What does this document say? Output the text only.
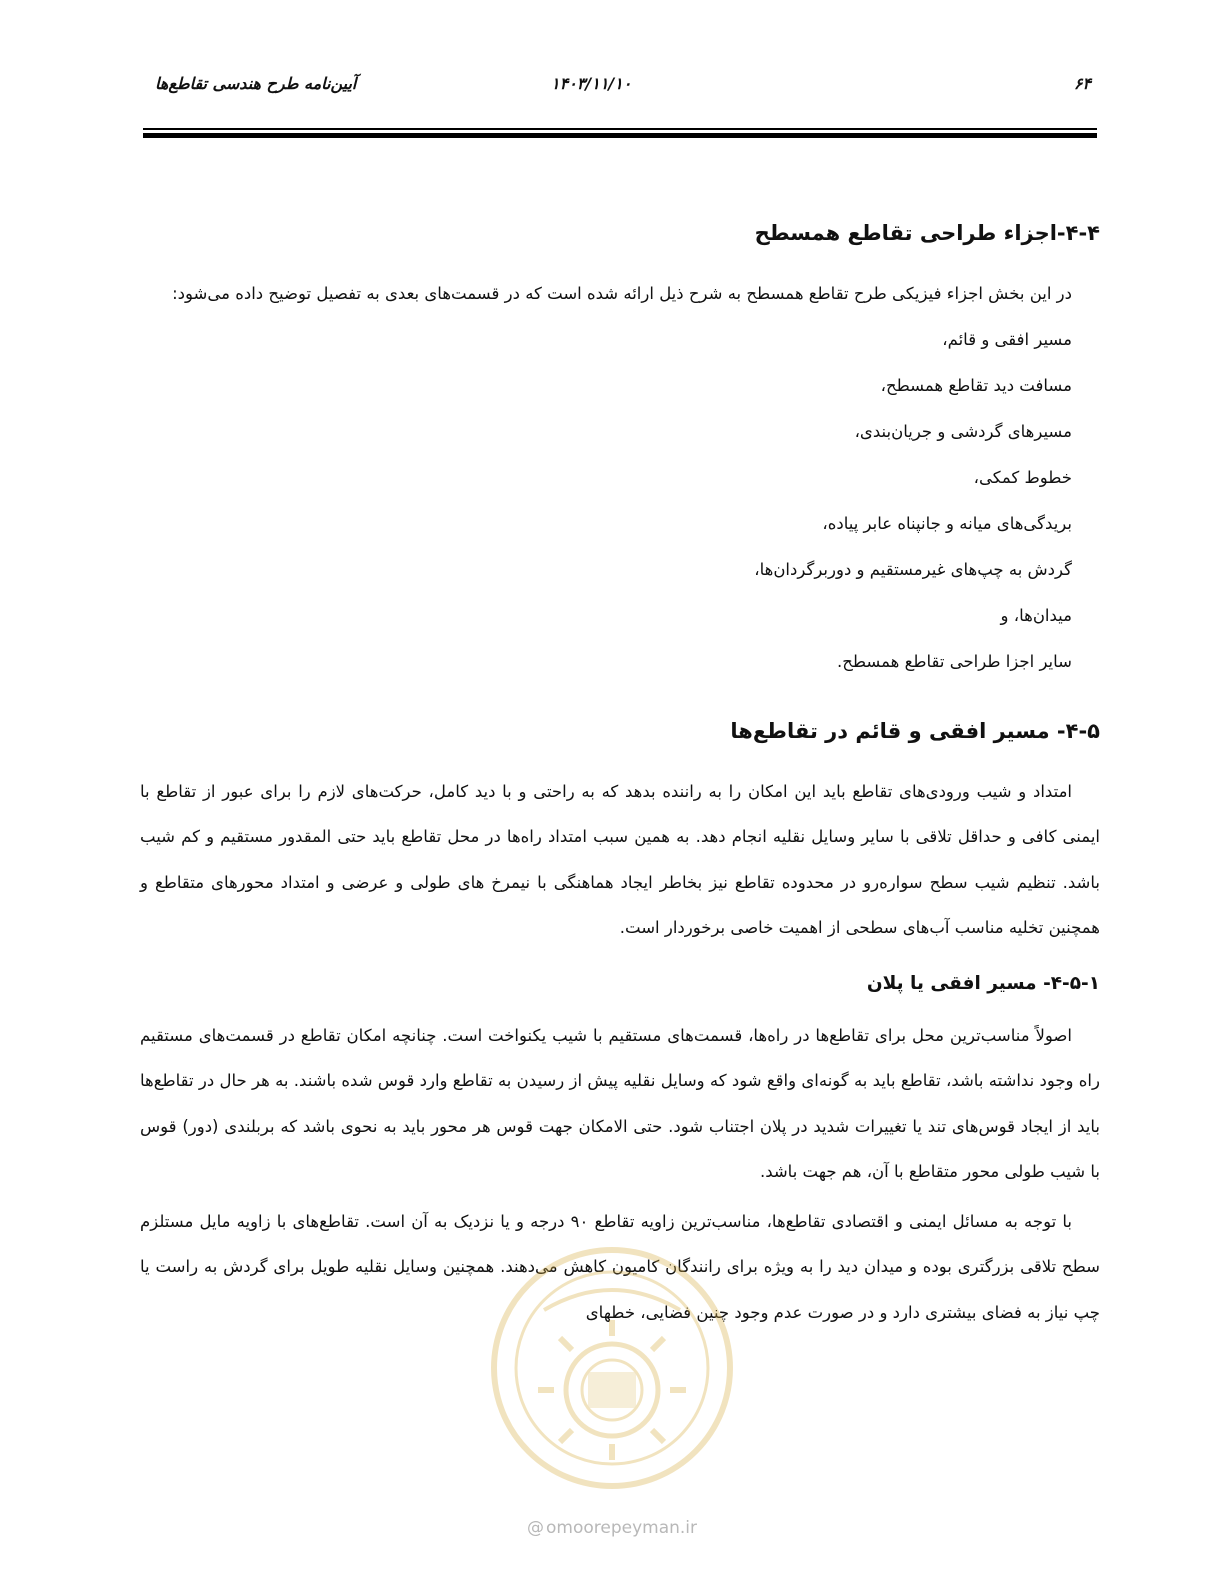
آیین‌نامه طرح هندسی تقاطع‌ها	۱۴۰۳/۱۱/۱۰	۶۴
۴-۴-اجزاء طراحی تقاطع همسطح

در این بخش اجزاء فیزیکی طرح تقاطع همسطح به شرح ذیل ارائه شده است که در قسمت‌های بعدی به تفصیل توضیح داده می‌شود:

مسیر افقی و قائم،
مسافت دید تقاطع همسطح،
مسیرهای گردشی و جریان‌بندی،
خطوط کمکی،
بریدگی‌های میانه و جانپناه عابر پیاده،
گردش به چپ‌های غیرمستقیم و دوربرگردان‌ها،
میدان‌ها، و
سایر اجزا طراحی تقاطع همسطح.
۴-۵- مسیر افقی و قائم در تقاطع‌ها

امتداد و شیب ورودی‌های تقاطع باید این امکان را به راننده بدهد که به راحتی و با دید کامل، حرکت‌های لازم را برای عبور از تقاطع با ایمنی کافی و حداقل تلاقی با سایر وسایل نقلیه انجام دهد. به همین سبب امتداد راه‌ها در محل تقاطع باید حتی المقدور مستقیم و کم شیب باشد. تنظیم شیب سطح سواره‌رو در محدوده تقاطع نیز بخاطر ایجاد هماهنگی با نیمرخ های طولی و عرضی و امتداد محورهای متقاطع و همچنین تخلیه مناسب آب‌های سطحی از اهمیت خاصی برخوردار است.

۴-۵-۱- مسیر افقی یا پلان

اصولاً مناسب‌ترین محل برای تقاطع‌ها در راه‌ها، قسمت‌های مستقیم با شیب یکنواخت است. چنانچه امکان تقاطع در قسمت‌های مستقیم راه وجود نداشته باشد، تقاطع باید به گونه‌ای واقع شود که وسایل نقلیه پیش از رسیدن به تقاطع وارد قوس شده باشند. به هر حال در تقاطع‌ها باید از ایجاد قوس‌های تند یا تغییرات شدید در پلان اجتناب شود. حتی الامکان جهت قوس هر محور باید به نحوی باشد که بربلندی (دور) قوس با شیب طولی محور متقاطع با آن، هم جهت باشد.

با توجه به مسائل ایمنی و اقتصادی تقاطع‌ها، مناسب‌ترین زاویه تقاطع ۹۰ درجه و یا نزدیک به آن است. تقاطع‌های با زاویه مایل مستلزم سطح تلاقی بزرگتری بوده و میدان دید را به ویژه برای رانندگان کامیون کاهش می‌دهند. همچنین وسایل نقلیه طویل برای گردش به راست یا چپ نیاز به فضای بیشتری دارد و در صورت عدم وجود چنین فضایی، خطهای

@ omoorepeyman.ir
